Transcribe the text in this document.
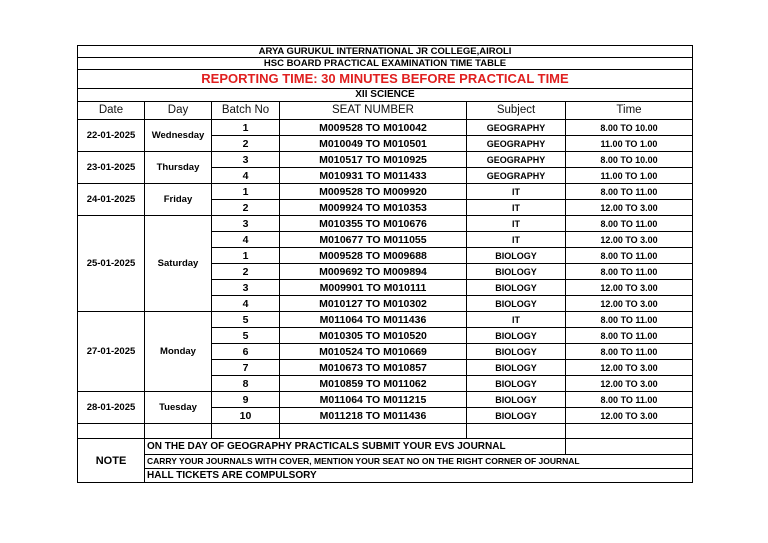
ARYA GURUKUL INTERNATIONAL JR COLLEGE,AIROLI					
HSC BOARD PRACTICAL EXAMINATION TIME TABLE					
REPORTING TIME: 30 MINUTES BEFORE PRACTICAL TIME					
XII SCIENCE					
Date	Day	Batch No	SEAT NUMBER	Subject	Time
22-01-2025	Wednesday	1	M009528 TO M010042	GEOGRAPHY	8.00 TO 10.00
		2	M010049 TO M010501	GEOGRAPHY	11.00 TO 1.00
23-01-2025	Thursday	3	M010517 TO M010925	GEOGRAPHY	8.00 TO 10.00
		4	M010931 TO M011433	GEOGRAPHY	11.00 TO 1.00
24-01-2025	Friday	1	M009528 TO M009920	IT	8.00 TO 11.00
		2	M009924 TO M010353	IT	12.00 TO 3.00
25-01-2025	Saturday	3	M010355 TO M010676	IT	8.00 TO 11.00
		4	M010677 TO M011055	IT	12.00 TO 3.00
		1	M009528 TO M009688	BIOLOGY	8.00 TO 11.00
		2	M009692 TO M009894	BIOLOGY	8.00 TO 11.00
		3	M009901 TO M010111	BIOLOGY	12.00 TO 3.00
		4	M010127 TO M010302	BIOLOGY	12.00 TO 3.00
27-01-2025	Monday	5	M011064 TO M011436	IT	8.00 TO 11.00
		5	M010305 TO M010520	BIOLOGY	8.00 TO 11.00
		6	M010524 TO M010669	BIOLOGY	8.00 TO 11.00
		7	M010673 TO M010857	BIOLOGY	12.00 TO 3.00
		8	M010859 TO M011062	BIOLOGY	12.00 TO 3.00
28-01-2025	Tuesday	9	M011064 TO M011215	BIOLOGY	8.00 TO 11.00
		10	M011218 TO M011436	BIOLOGY	12.00 TO 3.00

NOTE	ON THE DAY OF GEOGRAPHY PRACTICALS SUBMIT YOUR EVS JOURNAL				
	CARRY YOUR JOURNALS WITH COVER, MENTION YOUR SEAT NO ON THE RIGHT CORNER OF JOURNAL				
	HALL TICKETS ARE COMPULSORY				
